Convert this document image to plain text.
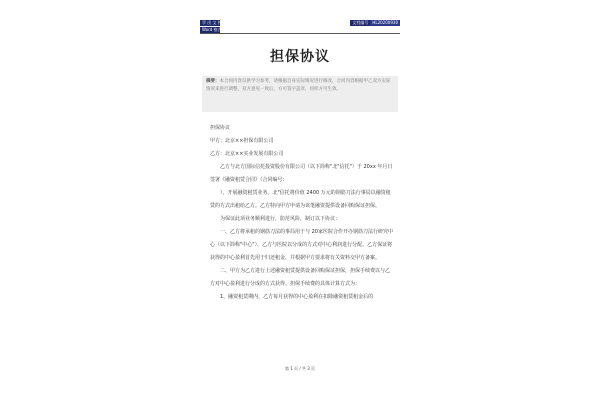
学 出 文 档
Word 格式
文档编号	HL20200930
担保协议
摘要：本合同内容仅供学习参考，请根据自身实际情况进行修改，合同内容根据甲乙双方实际情况来进行调整，双方意见一致后，方可签字盖章，同样方可生效。

担保协议

甲方：北京××担保有限公司

乙方：北京××实业发展有限公司

乙方与北方国际信托投资股份有限公司（以下简称"北"信托"）于 20xx 年月日签署《融资租赁合同》（合同编号：

），开展融资租赁业务。北"信托将价值 2400 万元的钢筋刀法行事局以融资租赁的方式出租给乙方。乙方特向甲方申请为该笔融资提供设备回购保证担保。

为保证此项业务顺利进行，防范风险，制订以下协议：

一、乙方将承租的钢筋刀法的事局用于与 20家医院合作开办钢筋刀法行研究中心（以下简称"中心"），乙方与医院以分成的方式对中心利润进行分配。乙方保证将获得的中心盈利首先用于归还租金，并根据甲方要求将有关资料交甲方备案。

二、甲方为乙方进行上述融资租赁提供设备回购保证担保，担保手续费以与乙方对中心盈利进行分成的方式获得。担保手续费的具体计算方式为：

1、融资租赁期内，乙方每月获得的中心盈利在扣除融资租赁租金后的

第 1 页 / 共 3 页
